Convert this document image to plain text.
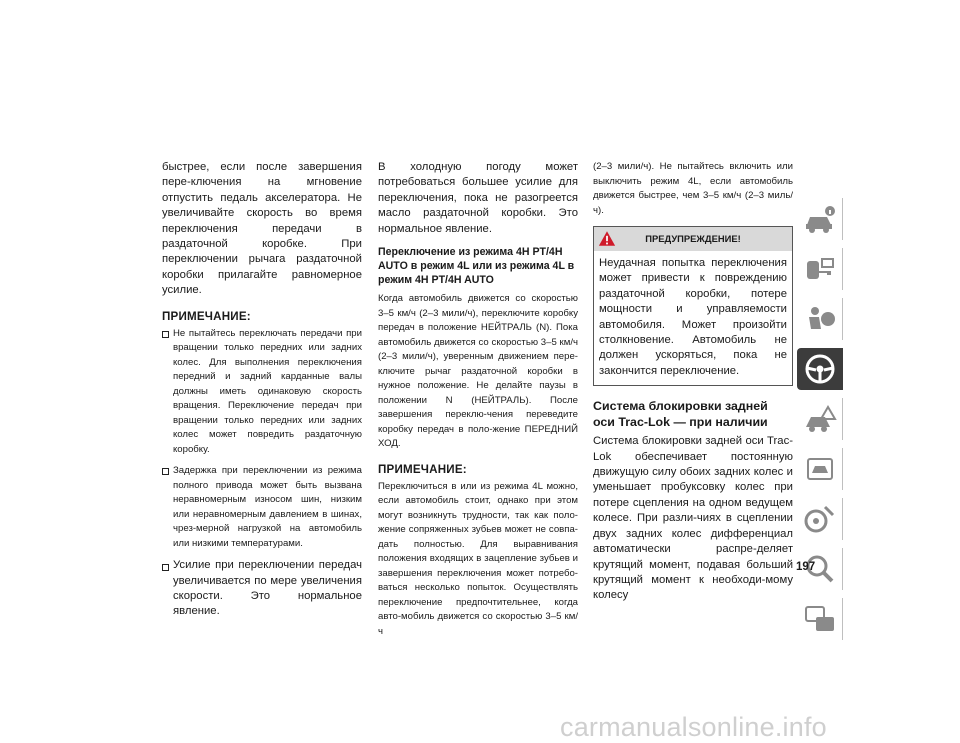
быстрее, если после завершения пере-ключения на мгновение отпустить педаль акселератора. Не увеличивайте скорость во время переключения передачи в раздаточной коробке. При переключении рычага раздаточной коробки прилагайте равномерное усилие.

ПРИМЕЧАНИЕ:
Не пытайтесь переключать передачи при вращении только передних или задних колес. Для выполнения переключения передний и задний карданные валы должны иметь одинаковую скорость вращения. Переключение передач при вращении только передних или задних колес может повредить раздаточную коробку.
Задержка при переключении из режима полного привода может быть вызвана неравномерным износом шин, низким или неравномерным давлением в шинах, чрез-мерной нагрузкой на автомобиль или низкими температурами.
Усилие при переключении передач увеличивается по мере увеличения скорости. Это нормальное явление.

В холодную погоду может потребоваться большее усилие для переключения, пока не разогреется масло раздаточной коробки. Это нормальное явление.

Переключение из режима 4H PT/4H AUTO в режим 4L или из режима 4L в режим 4H PT/4H AUTO

Когда автомобиль движется со скоростью 3–5 км/ч (2–3 мили/ч), переключите коробку передач в положение НЕЙТРАЛЬ (N). Пока автомобиль движется со скоростью 3–5 км/ч (2–3 мили/ч), уверенным движением пере-ключите рычаг раздаточной коробки в нужное положение. Не делайте паузы в положении N (НЕЙТРАЛЬ). После завершения переклю-чения переведите коробку передач в поло-жение ПЕРЕДНИЙ ХОД.

ПРИМЕЧАНИЕ:

Переключиться в или из режима 4L можно, если автомобиль стоит, однако при этом могут возникнуть трудности, так как поло-жение сопряженных зубьев может не совпа-дать полностью. Для выравнивания положения входящих в зацепление зубьев и завершения переключения может потребо-ваться несколько попыток. Осуществлять переключение предпочтительнее, когда авто-мобиль движется со скоростью 3–5 км/ч

(2–3 мили/ч). Не пытайтесь включить или выключить режим 4L, если автомобиль движется быстрее, чем 3–5 км/ч (2–3 миль/ч).

ПРЕДУПРЕЖДЕНИЕ!
Неудачная попытка переключения может привести к повреждению раздаточной коробки, потере мощности и управляемости автомобиля. Может произойти столкновение. Автомобиль не должен ускоряться, пока не закончится переключение.
Система блокировки задней оси Trac-Lok — при наличии

Система блокировки задней оси Trac-Lok обеспечивает постоянную движущую силу обоих задних колес и уменьшает пробуксовку колес при потере сцепления на одном ведущем колесе. При разли-чиях в сцеплении двух задних колес дифференциал автоматически распре-деляет крутящий момент, подавая больший крутящий момент к необходи-мому колесу

197
carmanualsonline.info
